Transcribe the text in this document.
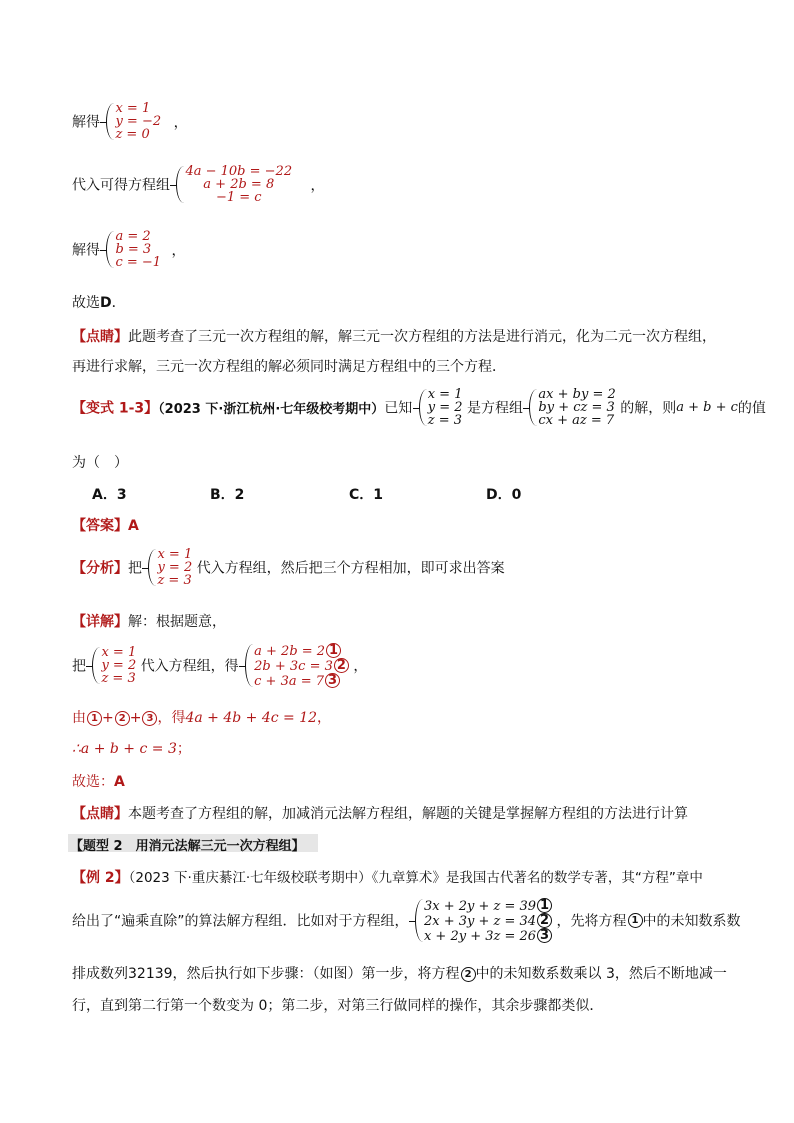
解得
x = 1
y = −2
z = 0
，
代入可得方程组
4a − 10b = −22
a + 2b = 8
−1 = c
，
解得
a = 2
b = 3
c = −1
，
故选D．
【点睛】此题考查了三元一次方程组的解，解三元一次方程组的方法是进行消元，化为二元一次方程组，
再进行求解，三元一次方程组的解必须同时满足方程组中的三个方程．
【变式 1-3】（2023 下·浙江杭州·七年级校考期中）已知
x = 1
y = 2
z = 3
是方程组
ax + by = 2
by + cz = 3
cx + az = 7
的解，则a + b + c的值
为（　）
A．3	B．2	C．1	D．0
【答案】A
【分析】把
x = 1
y = 2
z = 3
代入方程组，然后把三个方程相加，即可求出答案
【详解】解：根据题意，
把
x = 1
y = 2
z = 3
代入方程组，得
a + 2b = 2 1
2b + 3c = 3 2
c + 3a = 7 3
，
由 1 + 2 + 3 ，得4a + 4b + 4c = 12，
∴a + b + c = 3；
故选：A
【点睛】本题考查了方程组的解，加减消元法解方程组，解题的关键是掌握解方程组的方法进行计算
【题型 2　用消元法解三元一次方程组】
【例 2】（2023 下·重庆綦江·七年级校联考期中）《九章算术》是我国古代著名的数学专著，其“方程”章中
给出了“遍乘直除”的算法解方程组．比如对于方程组，
3x + 2y + z = 39 1
2x + 3y + z = 34 2
x + 2y + 3z = 26 3
，先将方程 1 中的未知数系数
排成数列32139，然后执行如下步骤：（如图）第一步，将方程 2 中的未知数系数乘以 3，然后不断地减一
行，直到第二行第一个数变为 0；第二步，对第三行做同样的操作，其余步骤都类似．
